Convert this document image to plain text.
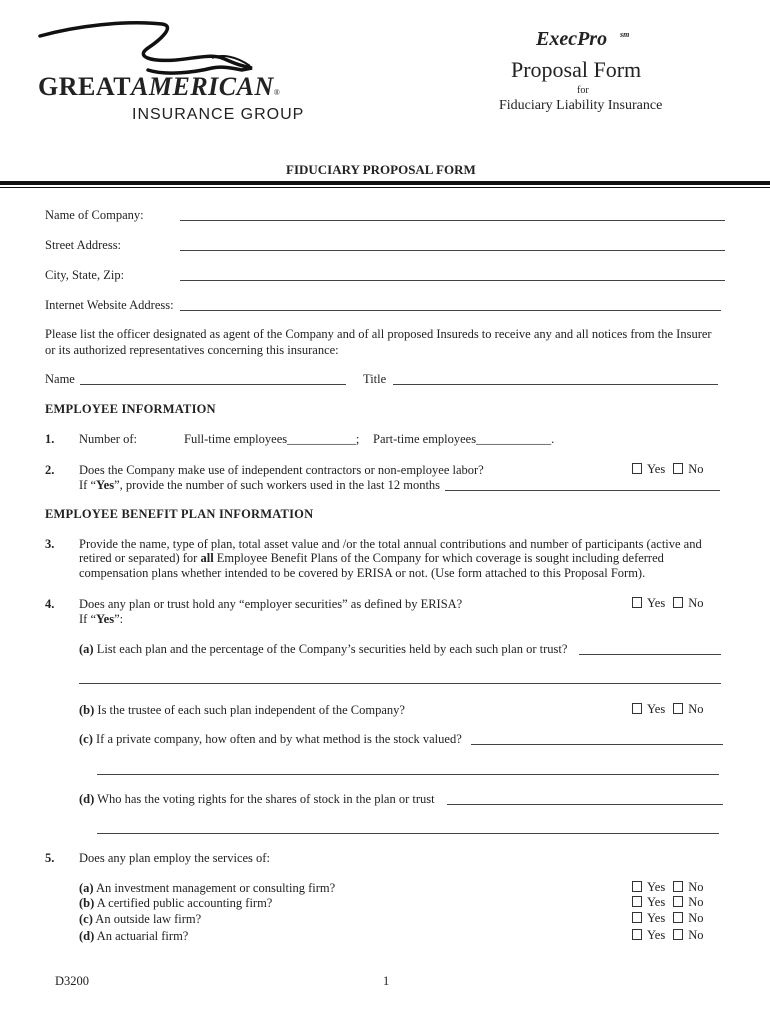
GREATAMERICAN®
INSURANCE GROUP
ExecPro sm
Proposal Form
for
Fiduciary Liability Insurance
FIDUCIARY PROPOSAL FORM
Name of Company:
Street Address:
City, State, Zip:
Internet Website Address:
Please list the officer designated as agent of the Company and of all proposed Insureds to receive any and all notices from the Insurer
or its authorized representatives concerning this insurance:
Name	Title
EMPLOYEE INFORMATION
1. Number of:	Full-time employees___________; Part-time employees____________.
2. Does the Company make use of independent contractors or non-employee labor?	Yes No
If “Yes”, provide the number of such workers used in the last 12 months
EMPLOYEE BENEFIT PLAN INFORMATION
3. Provide the name, type of plan, total asset value and /or the total annual contributions and number of participants (active and
retired or separated) for all Employee Benefit Plans of the Company for which coverage is sought including deferred
compensation plans whether intended to be covered by ERISA or not. (Use form attached to this Proposal Form).
4. Does any plan or trust hold any “employer securities” as defined by ERISA?	Yes No
If “Yes”:
(a) List each plan and the percentage of the Company’s securities held by each such plan or trust?
(b) Is the trustee of each such plan independent of the Company?	Yes No
(c) If a private company, how often and by what method is the stock valued?
(d) Who has the voting rights for the shares of stock in the plan or trust
5. Does any plan employ the services of:
(a) An investment management or consulting firm?	Yes No
(b) A certified public accounting firm?	Yes No
(c) An outside law firm?	Yes No
(d) An actuarial firm?	Yes No
D3200	1
